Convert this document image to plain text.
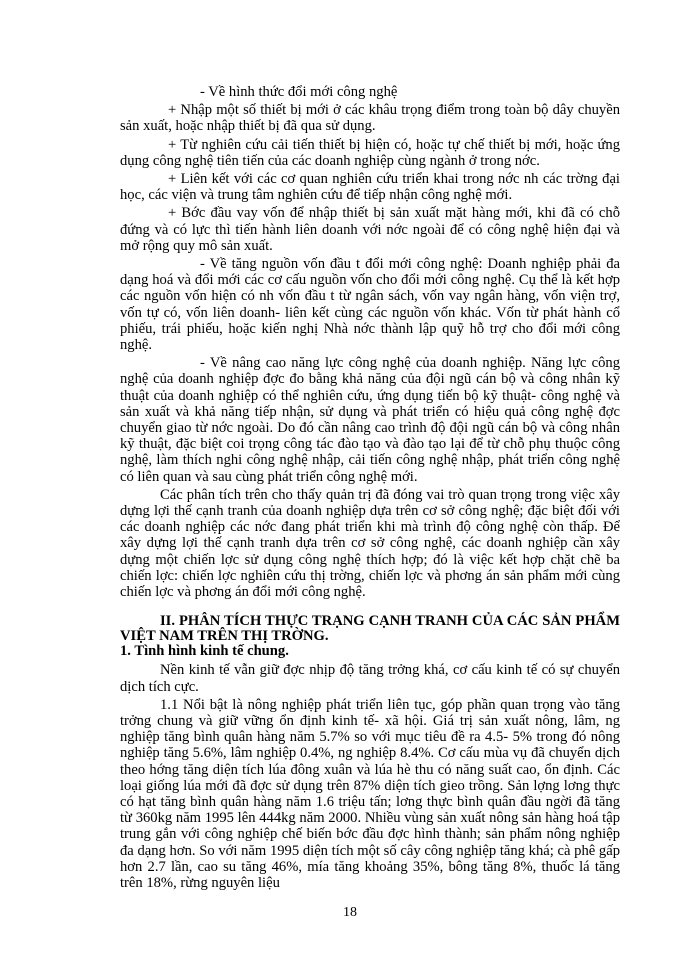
- Về hình thức đổi mới công nghệ

+ Nhập một số thiết bị mới ở các khâu trọng điểm trong toàn bộ dây chuyền sản xuất, hoặc nhập thiết bị đã qua sử dụng.

+ Từ nghiên cứu cải tiến thiết bị hiện có, hoặc tự chế thiết bị mới, hoặc ứng dụng công nghệ tiên tiến của các doanh nghiệp cùng ngành ở trong nớc.

+ Liên kết với các cơ quan nghiên cứu triển khai trong nớc nh các trờng đại học, các viện và trung tâm nghiên cứu để tiếp nhận công nghệ mới.

+ Bớc đầu vay vốn để nhập thiết bị sản xuất mặt hàng mới, khi đã có chỗ đứng và có lực thì tiến hành liên doanh với nớc ngoài để có công nghệ hiện đại và mở rộng quy mô sản xuất.

- Về tăng nguồn vốn đầu t đổi mới công nghệ: Doanh nghiệp phải đa dạng hoá và đổi mới các cơ cấu nguồn vốn cho đổi mới công nghệ. Cụ thể là kết hợp các nguồn vốn hiện có nh vốn đầu t từ ngân sách, vốn vay ngân hàng, vốn viện trợ, vốn tự có, vốn liên doanh- liên kết cùng các nguồn vốn khác. Vốn từ phát hành cổ phiếu, trái phiếu, hoặc kiến nghị Nhà nớc thành lập quỹ hỗ trợ cho đổi mới công nghệ.

- Về nâng cao năng lực công nghệ của doanh nghiệp. Năng lực công nghệ của doanh nghiệp đợc đo bằng khả năng của đội ngũ cán bộ và công nhân kỹ thuật của doanh nghiệp có thể nghiên cứu, ứng dụng tiến bộ kỹ thuật- công nghệ và sản xuất và khả năng tiếp nhận, sử dụng và phát triển có hiệu quả công nghệ đợc chuyển giao từ nớc ngoài. Do đó cần nâng cao trình độ đội ngũ cán bộ và công nhân kỹ thuật, đặc biệt coi trọng công tác đào tạo và đào tạo lại để từ chỗ phụ thuộc công nghệ, làm thích nghi công nghệ nhập, cải tiến công nghệ nhập, phát triển công nghệ có liên quan và sau cùng phát triển công nghệ mới.

Các phân tích trên cho thấy quản trị đã đóng vai trò quan trọng trong việc xây dựng lợi thế cạnh tranh của doanh nghiệp dựa trên cơ sở công nghệ; đặc biệt đối với các doanh nghiệp các nớc đang phát triển khi mà trình độ công nghệ còn thấp. Để xây dựng lợi thế cạnh tranh dựa trên cơ sở công nghệ, các doanh nghiệp cần xây dựng một chiến lợc sử dụng công nghệ thích hợp; đó là việc kết hợp chặt chẽ ba chiến lợc: chiến lợc nghiên cứu thị trờng, chiến lợc và phơng án sản phẩm mới cùng chiến lợc và phơng án đổi mới công nghệ.

II. PHÂN TÍCH THỰC TRẠNG CẠNH TRANH CỦA CÁC SẢN PHẨM VIỆT NAM TRÊN THỊ TRỜNG.
1. Tình hình kinh tế chung.

Nền kinh tế vẫn giữ đợc nhịp độ tăng trởng khá, cơ cấu kinh tế có sự chuyển dịch tích cực.

1.1 Nổi bật là nông nghiệp phát triển liên tục, góp phần quan trọng vào tăng trởng chung và giữ vững ổn định kinh tế- xã hội. Giá trị sản xuất nông, lâm, ng nghiệp tăng bình quân hàng năm 5.7% so với mục tiêu đề ra 4.5- 5% trong đó nông nghiệp tăng 5.6%, lâm nghiệp 0.4%, ng nghiệp 8.4%. Cơ cấu mùa vụ đã chuyển dịch theo hớng tăng diện tích lúa đông xuân và lúa hè thu có năng suất cao, ổn định. Các loại giống lúa mới đã đợc sử dụng trên 87% diện tích gieo trồng. Sản lợng lơng thực có hạt tăng bình quân hàng năm 1.6 triệu tấn; lơng thực bình quân đầu ngời đã tăng từ 360kg năm 1995 lên 444kg năm 2000. Nhiều vùng sản xuất nông sản hàng hoá tập trung gắn với công nghiệp chế biến bớc đầu đợc hình thành; sản phẩm nông nghiệp đa dạng hơn. So với năm 1995 diện tích một số cây công nghiệp tăng khá; cà phê gấp hơn 2.7 lần, cao su tăng 46%, mía tăng khoảng 35%, bông tăng 8%, thuốc lá tăng trên 18%, rừng nguyên liệu

18
